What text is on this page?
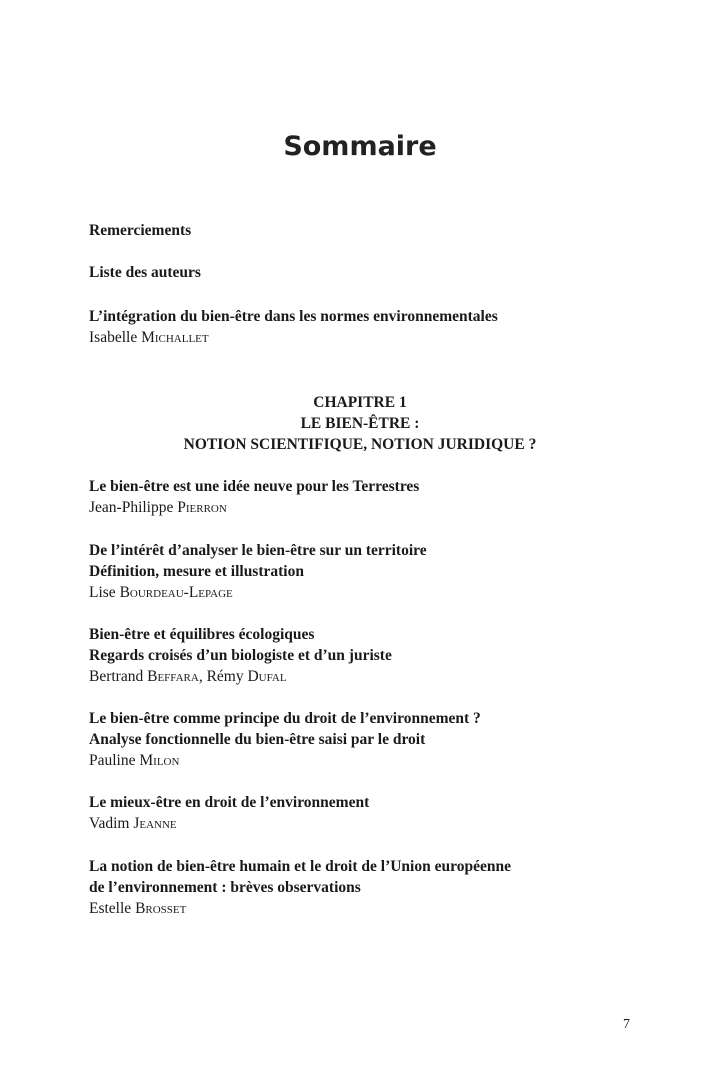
Sommaire
Remerciements
Liste des auteurs
L’intégration du bien-être dans les normes environnementales
Isabelle Michallet
CHAPITRE 1
LE BIEN-ÊTRE :
NOTION SCIENTIFIQUE, NOTION JURIDIQUE ?
Le bien-être est une idée neuve pour les Terrestres
Jean-Philippe Pierron
De l’intérêt d’analyser le bien-être sur un territoire
Définition, mesure et illustration
Lise Bourdeau-Lepage
Bien-être et équilibres écologiques
Regards croisés d’un biologiste et d’un juriste
Bertrand Beffara, Rémy Dufal
Le bien-être comme principe du droit de l’environnement ?
Analyse fonctionnelle du bien-être saisi par le droit
Pauline Milon
Le mieux-être en droit de l’environnement
Vadim Jeanne
La notion de bien-être humain et le droit de l’Union européenne
de l’environnement : brèves observations
Estelle Brosset
7
